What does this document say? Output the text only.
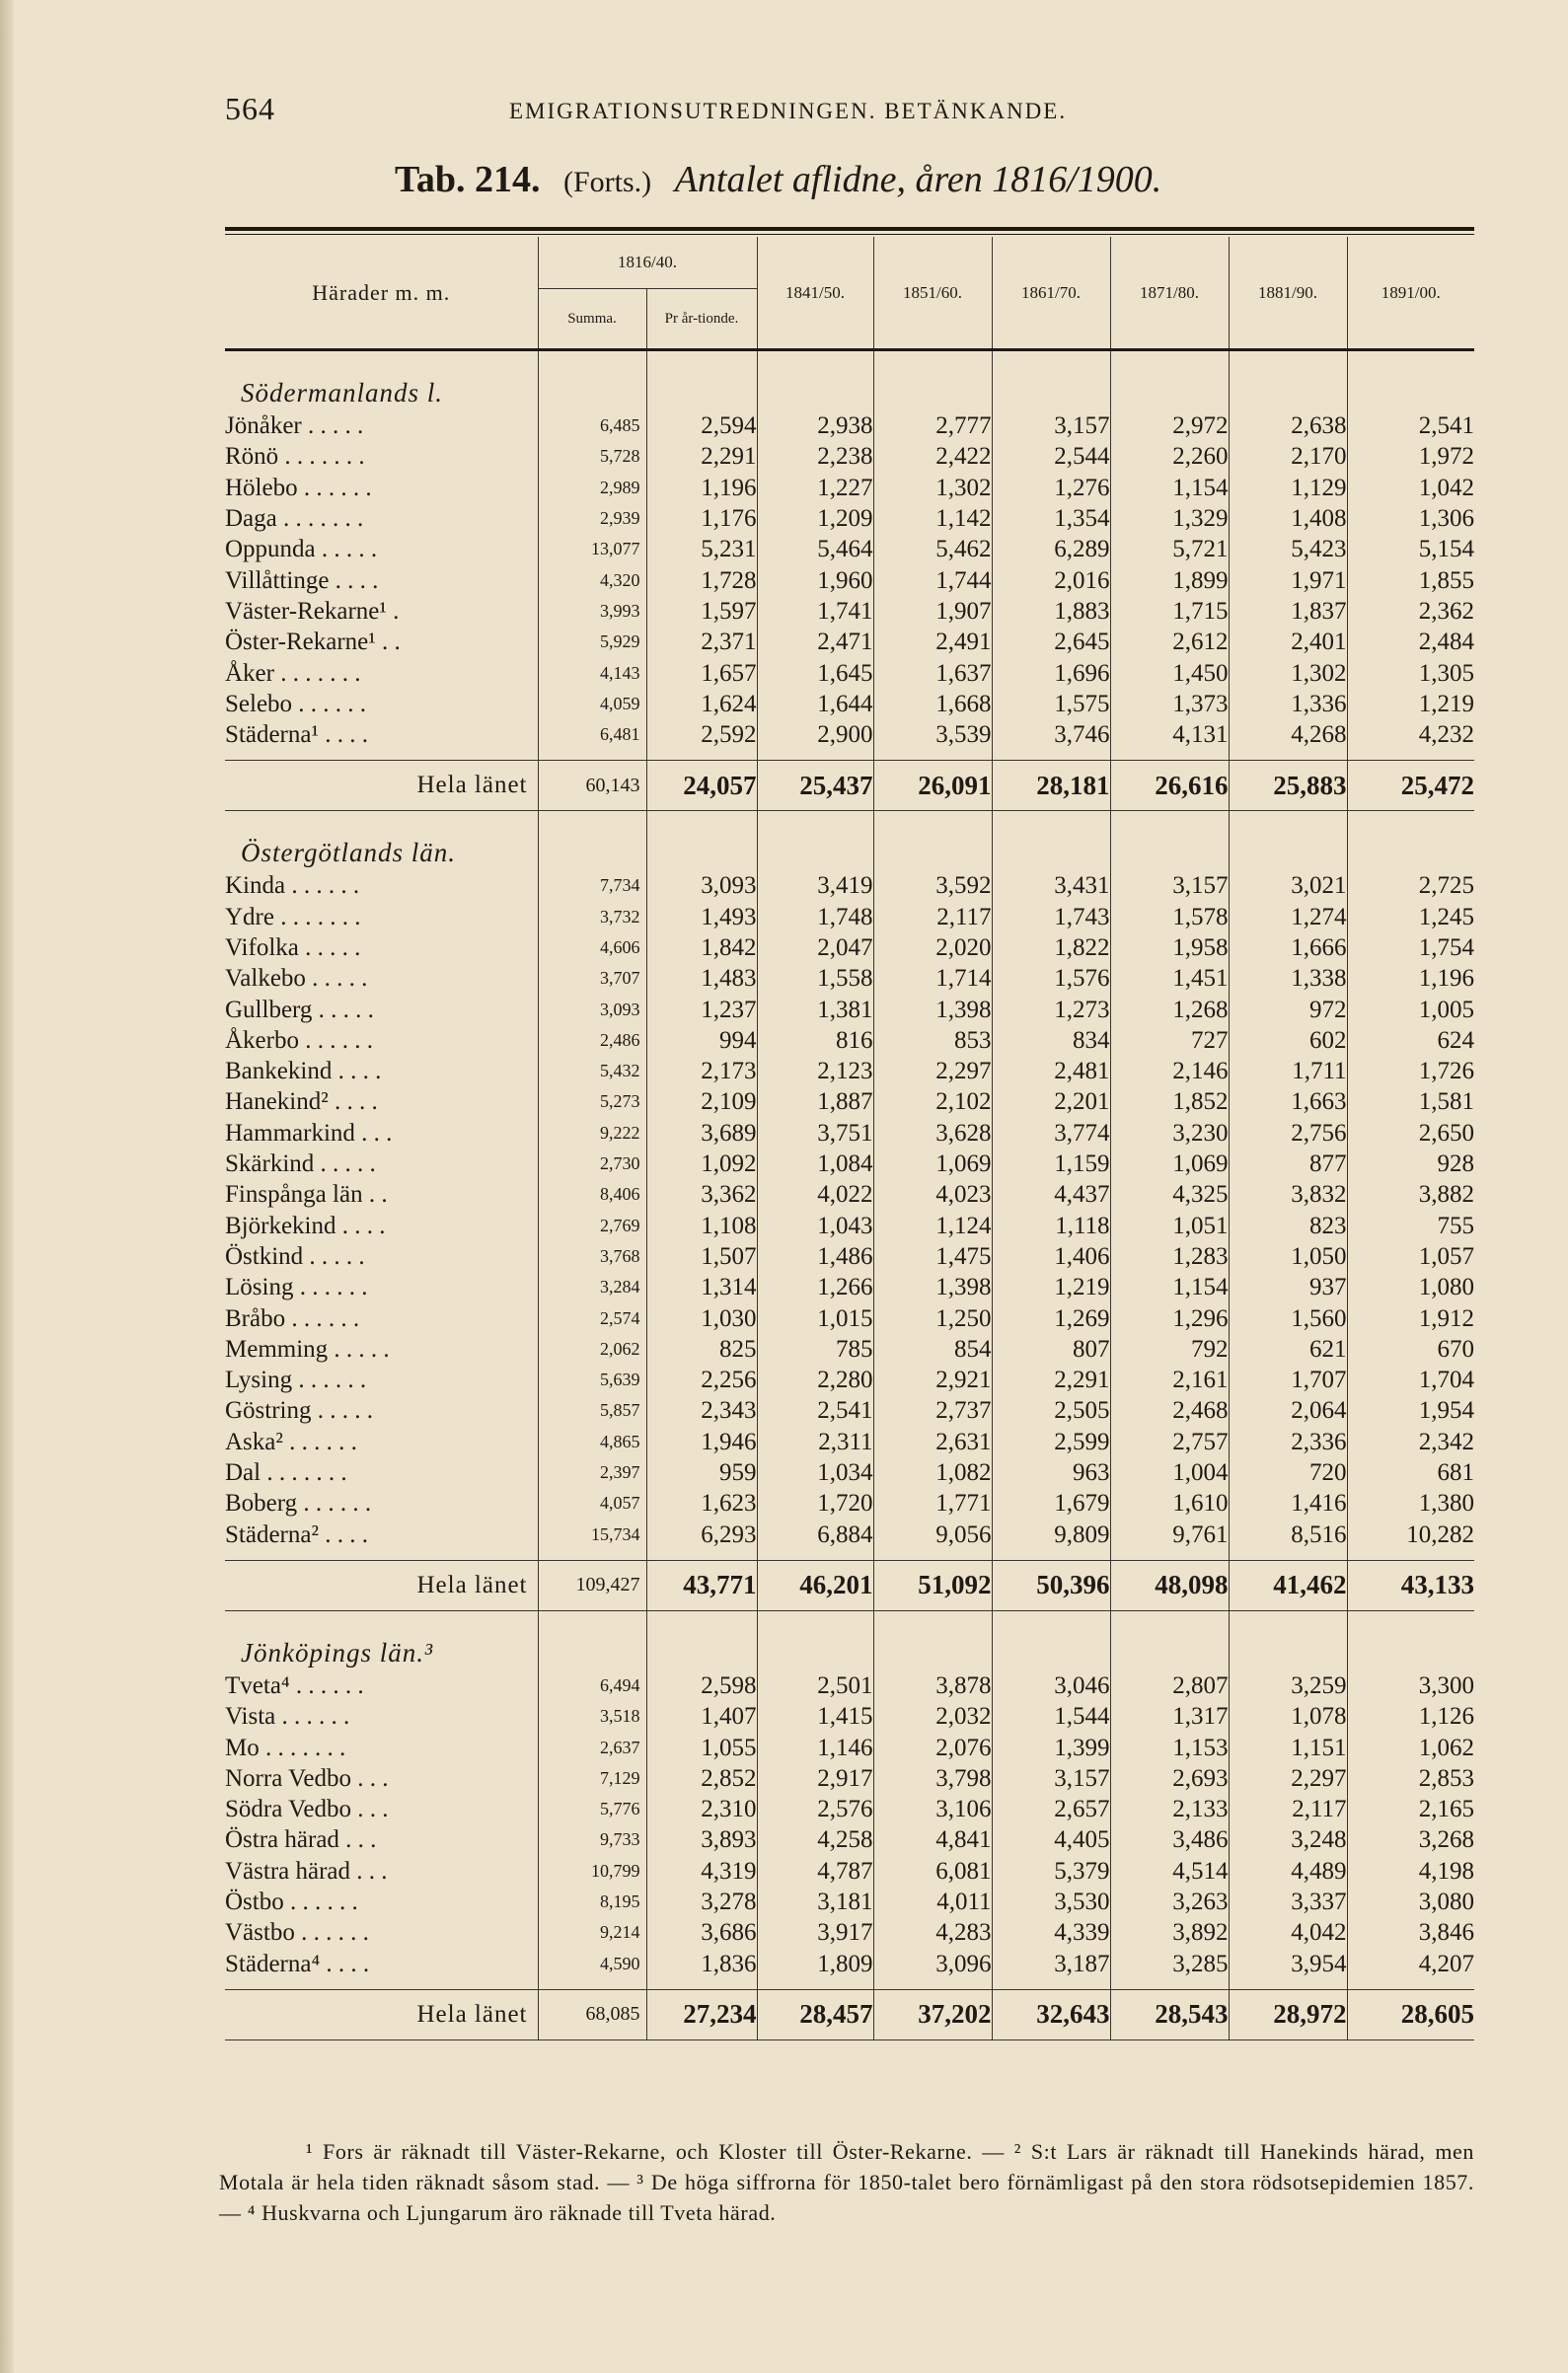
564	EMIGRATIONSUTREDNINGEN. BETÄNKANDE.
Tab. 214. (Forts.) Antalet aflidne, åren 1816/1900.
Härader m. m.	1816/40.		1841/50.	1851/60.	1861/70.	1871/80.	1881/90.	1891/00.
	Summa.	Pr år-tionde.						

Södermanlands l.								
Jönåker . . . . .	6,485	2,594	2,938	2,777	3,157	2,972	2,638	2,541
Rönö . . . . . . .	5,728	2,291	2,238	2,422	2,544	2,260	2,170	1,972
Hölebo . . . . . .	2,989	1,196	1,227	1,302	1,276	1,154	1,129	1,042
Daga . . . . . . .	2,939	1,176	1,209	1,142	1,354	1,329	1,408	1,306
Oppunda . . . . .	13,077	5,231	5,464	5,462	6,289	5,721	5,423	5,154
Villåttinge . . . .	4,320	1,728	1,960	1,744	2,016	1,899	1,971	1,855
Väster-Rekarne¹ .	3,993	1,597	1,741	1,907	1,883	1,715	1,837	2,362
Öster-Rekarne¹ . .	5,929	2,371	2,471	2,491	2,645	2,612	2,401	2,484
Åker . . . . . . .	4,143	1,657	1,645	1,637	1,696	1,450	1,302	1,305
Selebo . . . . . .	4,059	1,624	1,644	1,668	1,575	1,373	1,336	1,219
Städerna¹ . . . .	6,481	2,592	2,900	3,539	3,746	4,131	4,268	4,232

Hela länet	60,143	24,057	25,437	26,091	28,181	26,616	25,883	25,472
Östergötlands län.								
Kinda . . . . . .	7,734	3,093	3,419	3,592	3,431	3,157	3,021	2,725
Ydre . . . . . . .	3,732	1,493	1,748	2,117	1,743	1,578	1,274	1,245
Vifolka . . . . .	4,606	1,842	2,047	2,020	1,822	1,958	1,666	1,754
Valkebo . . . . .	3,707	1,483	1,558	1,714	1,576	1,451	1,338	1,196
Gullberg . . . . .	3,093	1,237	1,381	1,398	1,273	1,268	972	1,005
Åkerbo . . . . . .	2,486	994	816	853	834	727	602	624
Bankekind . . . .	5,432	2,173	2,123	2,297	2,481	2,146	1,711	1,726
Hanekind² . . . .	5,273	2,109	1,887	2,102	2,201	1,852	1,663	1,581
Hammarkind . . .	9,222	3,689	3,751	3,628	3,774	3,230	2,756	2,650
Skärkind . . . . .	2,730	1,092	1,084	1,069	1,159	1,069	877	928
Finspånga län . .	8,406	3,362	4,022	4,023	4,437	4,325	3,832	3,882
Björkekind . . . .	2,769	1,108	1,043	1,124	1,118	1,051	823	755
Östkind . . . . .	3,768	1,507	1,486	1,475	1,406	1,283	1,050	1,057
Lösing . . . . . .	3,284	1,314	1,266	1,398	1,219	1,154	937	1,080
Bråbo . . . . . .	2,574	1,030	1,015	1,250	1,269	1,296	1,560	1,912
Memming . . . . .	2,062	825	785	854	807	792	621	670
Lysing . . . . . .	5,639	2,256	2,280	2,921	2,291	2,161	1,707	1,704
Göstring . . . . .	5,857	2,343	2,541	2,737	2,505	2,468	2,064	1,954
Aska² . . . . . .	4,865	1,946	2,311	2,631	2,599	2,757	2,336	2,342
Dal . . . . . . .	2,397	959	1,034	1,082	963	1,004	720	681
Boberg . . . . . .	4,057	1,623	1,720	1,771	1,679	1,610	1,416	1,380
Städerna² . . . .	15,734	6,293	6,884	9,056	9,809	9,761	8,516	10,282

Hela länet	109,427	43,771	46,201	51,092	50,396	48,098	41,462	43,133
Jönköpings län.³								
Tveta⁴ . . . . . .	6,494	2,598	2,501	3,878	3,046	2,807	3,259	3,300
Vista . . . . . .	3,518	1,407	1,415	2,032	1,544	1,317	1,078	1,126
Mo . . . . . . .	2,637	1,055	1,146	2,076	1,399	1,153	1,151	1,062
Norra Vedbo . . .	7,129	2,852	2,917	3,798	3,157	2,693	2,297	2,853
Södra Vedbo . . .	5,776	2,310	2,576	3,106	2,657	2,133	2,117	2,165
Östra härad . . .	9,733	3,893	4,258	4,841	4,405	3,486	3,248	3,268
Västra härad . . .	10,799	4,319	4,787	6,081	5,379	4,514	4,489	4,198
Östbo . . . . . .	8,195	3,278	3,181	4,011	3,530	3,263	3,337	3,080
Västbo . . . . . .	9,214	3,686	3,917	4,283	4,339	3,892	4,042	3,846
Städerna⁴ . . . .	4,590	1,836	1,809	3,096	3,187	3,285	3,954	4,207

Hela länet	68,085	27,234	28,457	37,202	32,643	28,543	28,972	28,605

¹ Fors är räknadt till Väster-Rekarne, och Kloster till Öster-Rekarne. — ² S:t Lars är räknadt till Hanekinds härad, men Motala är hela tiden räknadt såsom stad. — ³ De höga siffrorna för 1850-talet bero förnämligast på den stora rödsotsepidemien 1857. — ⁴ Huskvarna och Ljungarum äro räknade till Tveta härad.
